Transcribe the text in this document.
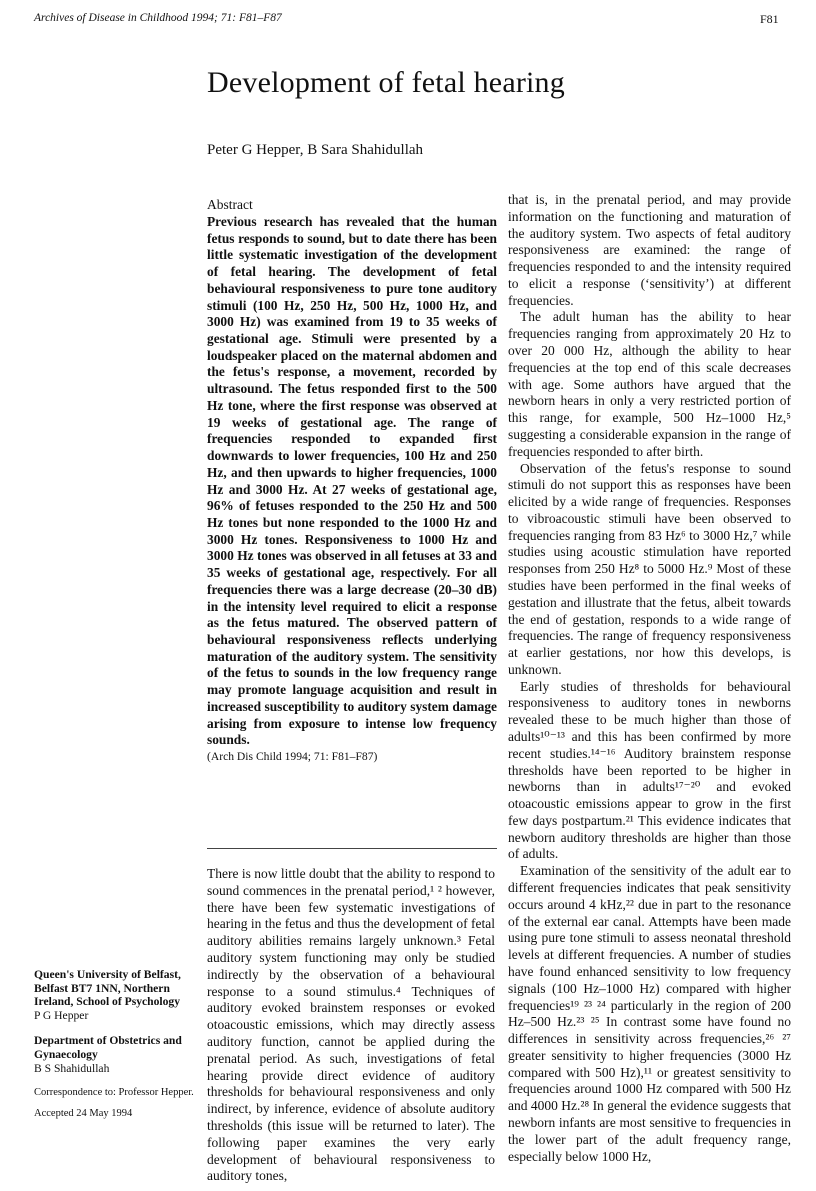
Archives of Disease in Childhood 1994; 71: F81–F87	F81
Development of fetal hearing
Peter G Hepper, B Sara Shahidullah
Abstract
Previous research has revealed that the human fetus responds to sound, but to date there has been little systematic investigation of the development of fetal hearing. The development of fetal behavioural responsiveness to pure tone auditory stimuli (100 Hz, 250 Hz, 500 Hz, 1000 Hz, and 3000 Hz) was examined from 19 to 35 weeks of gestational age. Stimuli were presented by a loudspeaker placed on the maternal abdomen and the fetus's response, a movement, recorded by ultrasound. The fetus responded first to the 500 Hz tone, where the first response was observed at 19 weeks of gestational age. The range of frequencies responded to expanded first downwards to lower frequencies, 100 Hz and 250 Hz, and then upwards to higher frequencies, 1000 Hz and 3000 Hz. At 27 weeks of gestational age, 96% of fetuses responded to the 250 Hz and 500 Hz tones but none responded to the 1000 Hz and 3000 Hz tones. Responsiveness to 1000 Hz and 3000 Hz tones was observed in all fetuses at 33 and 35 weeks of gestational age, respectively. For all frequencies there was a large decrease (20–30 dB) in the intensity level required to elicit a response as the fetus matured. The observed pattern of behavioural responsiveness reflects underlying maturation of the auditory system. The sensitivity of the fetus to sounds in the low frequency range may promote language acquisition and result in increased susceptibility to auditory system damage arising from exposure to intense low frequency sounds.
(Arch Dis Child 1994; 71: F81–F87)

There is now little doubt that the ability to respond to sound commences in the prenatal period,¹ ² however, there have been few systematic investigations of hearing in the fetus and thus the development of fetal auditory abilities remains largely unknown.³ Fetal auditory system functioning may only be studied indirectly by the observation of a behavioural response to a sound stimulus.⁴ Techniques of auditory evoked brainstem responses or evoked otoacoustic emissions, which may directly assess auditory function, cannot be applied during the prenatal period. As such, investigations of fetal hearing provide direct evidence of auditory thresholds for behavioural responsiveness and only indirect, by inference, evidence of absolute auditory thresholds (this issue will be returned to later). The following paper examines the very early development of behavioural responsiveness to auditory tones,

that is, in the prenatal period, and may provide information on the functioning and maturation of the auditory system. Two aspects of fetal auditory responsiveness are examined: the range of frequencies responded to and the intensity required to elicit a response (‘sensitivity’) at different frequencies.

The adult human has the ability to hear frequencies ranging from approximately 20 Hz to over 20 000 Hz, although the ability to hear frequencies at the top end of this scale decreases with age. Some authors have argued that the newborn hears in only a very restricted portion of this range, for example, 500 Hz–1000 Hz,⁵ suggesting a considerable expansion in the range of frequencies responded to after birth.

Observation of the fetus's response to sound stimuli do not support this as responses have been elicited by a wide range of frequencies. Responses to vibroacoustic stimuli have been observed to frequencies ranging from 83 Hz⁶ to 3000 Hz,⁷ while studies using acoustic stimulation have reported responses from 250 Hz⁸ to 5000 Hz.⁹ Most of these studies have been performed in the final weeks of gestation and illustrate that the fetus, albeit towards the end of gestation, responds to a wide range of frequencies. The range of frequency responsiveness at earlier gestations, nor how this develops, is unknown.

Early studies of thresholds for behavioural responsiveness to auditory tones in newborns revealed these to be much higher than those of adults¹⁰⁻¹³ and this has been confirmed by more recent studies.¹⁴⁻¹⁶ Auditory brainstem response thresholds have been reported to be higher in newborns than in adults¹⁷⁻²⁰ and evoked otoacoustic emissions appear to grow in the first few days postpartum.²¹ This evidence indicates that newborn auditory thresholds are higher than those of adults.

Examination of the sensitivity of the adult ear to different frequencies indicates that peak sensitivity occurs around 4 kHz,²² due in part to the resonance of the external ear canal. Attempts have been made using pure tone stimuli to assess neonatal threshold levels at different frequencies. A number of studies have found enhanced sensitivity to low frequency signals (100 Hz–1000 Hz) compared with higher frequencies¹⁹ ²³ ²⁴ particularly in the region of 200 Hz–500 Hz.²³ ²⁵ In contrast some have found no differences in sensitivity across frequencies,²⁶ ²⁷ greater sensitivity to higher frequencies (3000 Hz compared with 500 Hz),¹¹ or greatest sensitivity to frequencies around 1000 Hz compared with 500 Hz and 4000 Hz.²⁸ In general the evidence suggests that newborn infants are most sensitive to frequencies in the lower part of the adult frequency range, especially below 1000 Hz,

Queen's University of Belfast, Belfast BT7 1NN, Northern Ireland, School of Psychology
P G Hepper
Department of Obstetrics and Gynaecology
B S Shahidullah
Correspondence to: Professor Hepper.
Accepted 24 May 1994
